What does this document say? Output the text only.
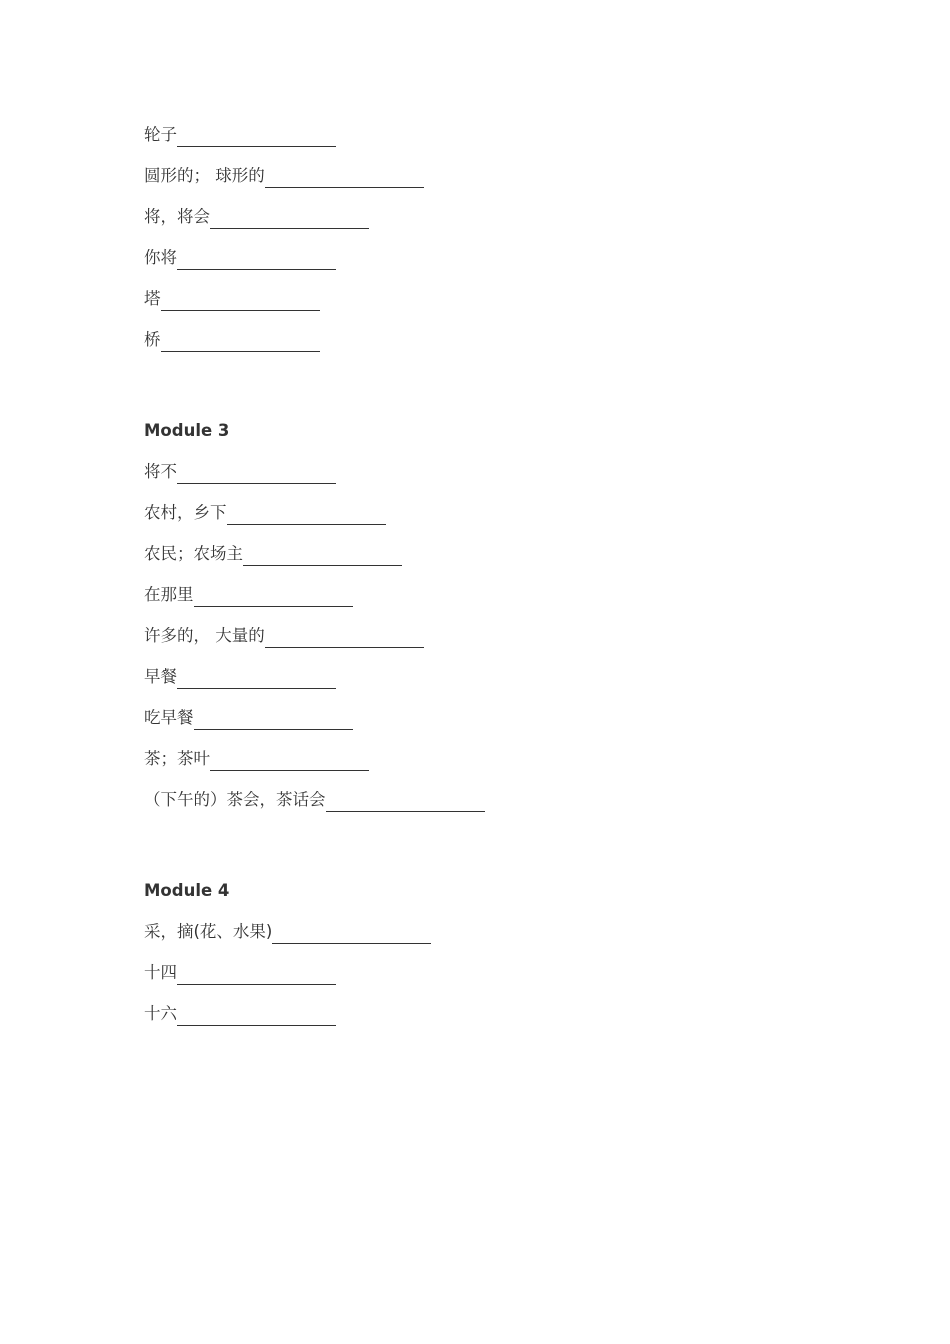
轮子
圆形的； 球形的
将，将会
你将
塔
桥
Module 3
将不
农村，乡下
农民；农场主
在那里
许多的， 大量的
早餐
吃早餐
茶；茶叶
（下午的）茶会，茶话会
Module 4
采，摘(花、水果)
十四
十六
